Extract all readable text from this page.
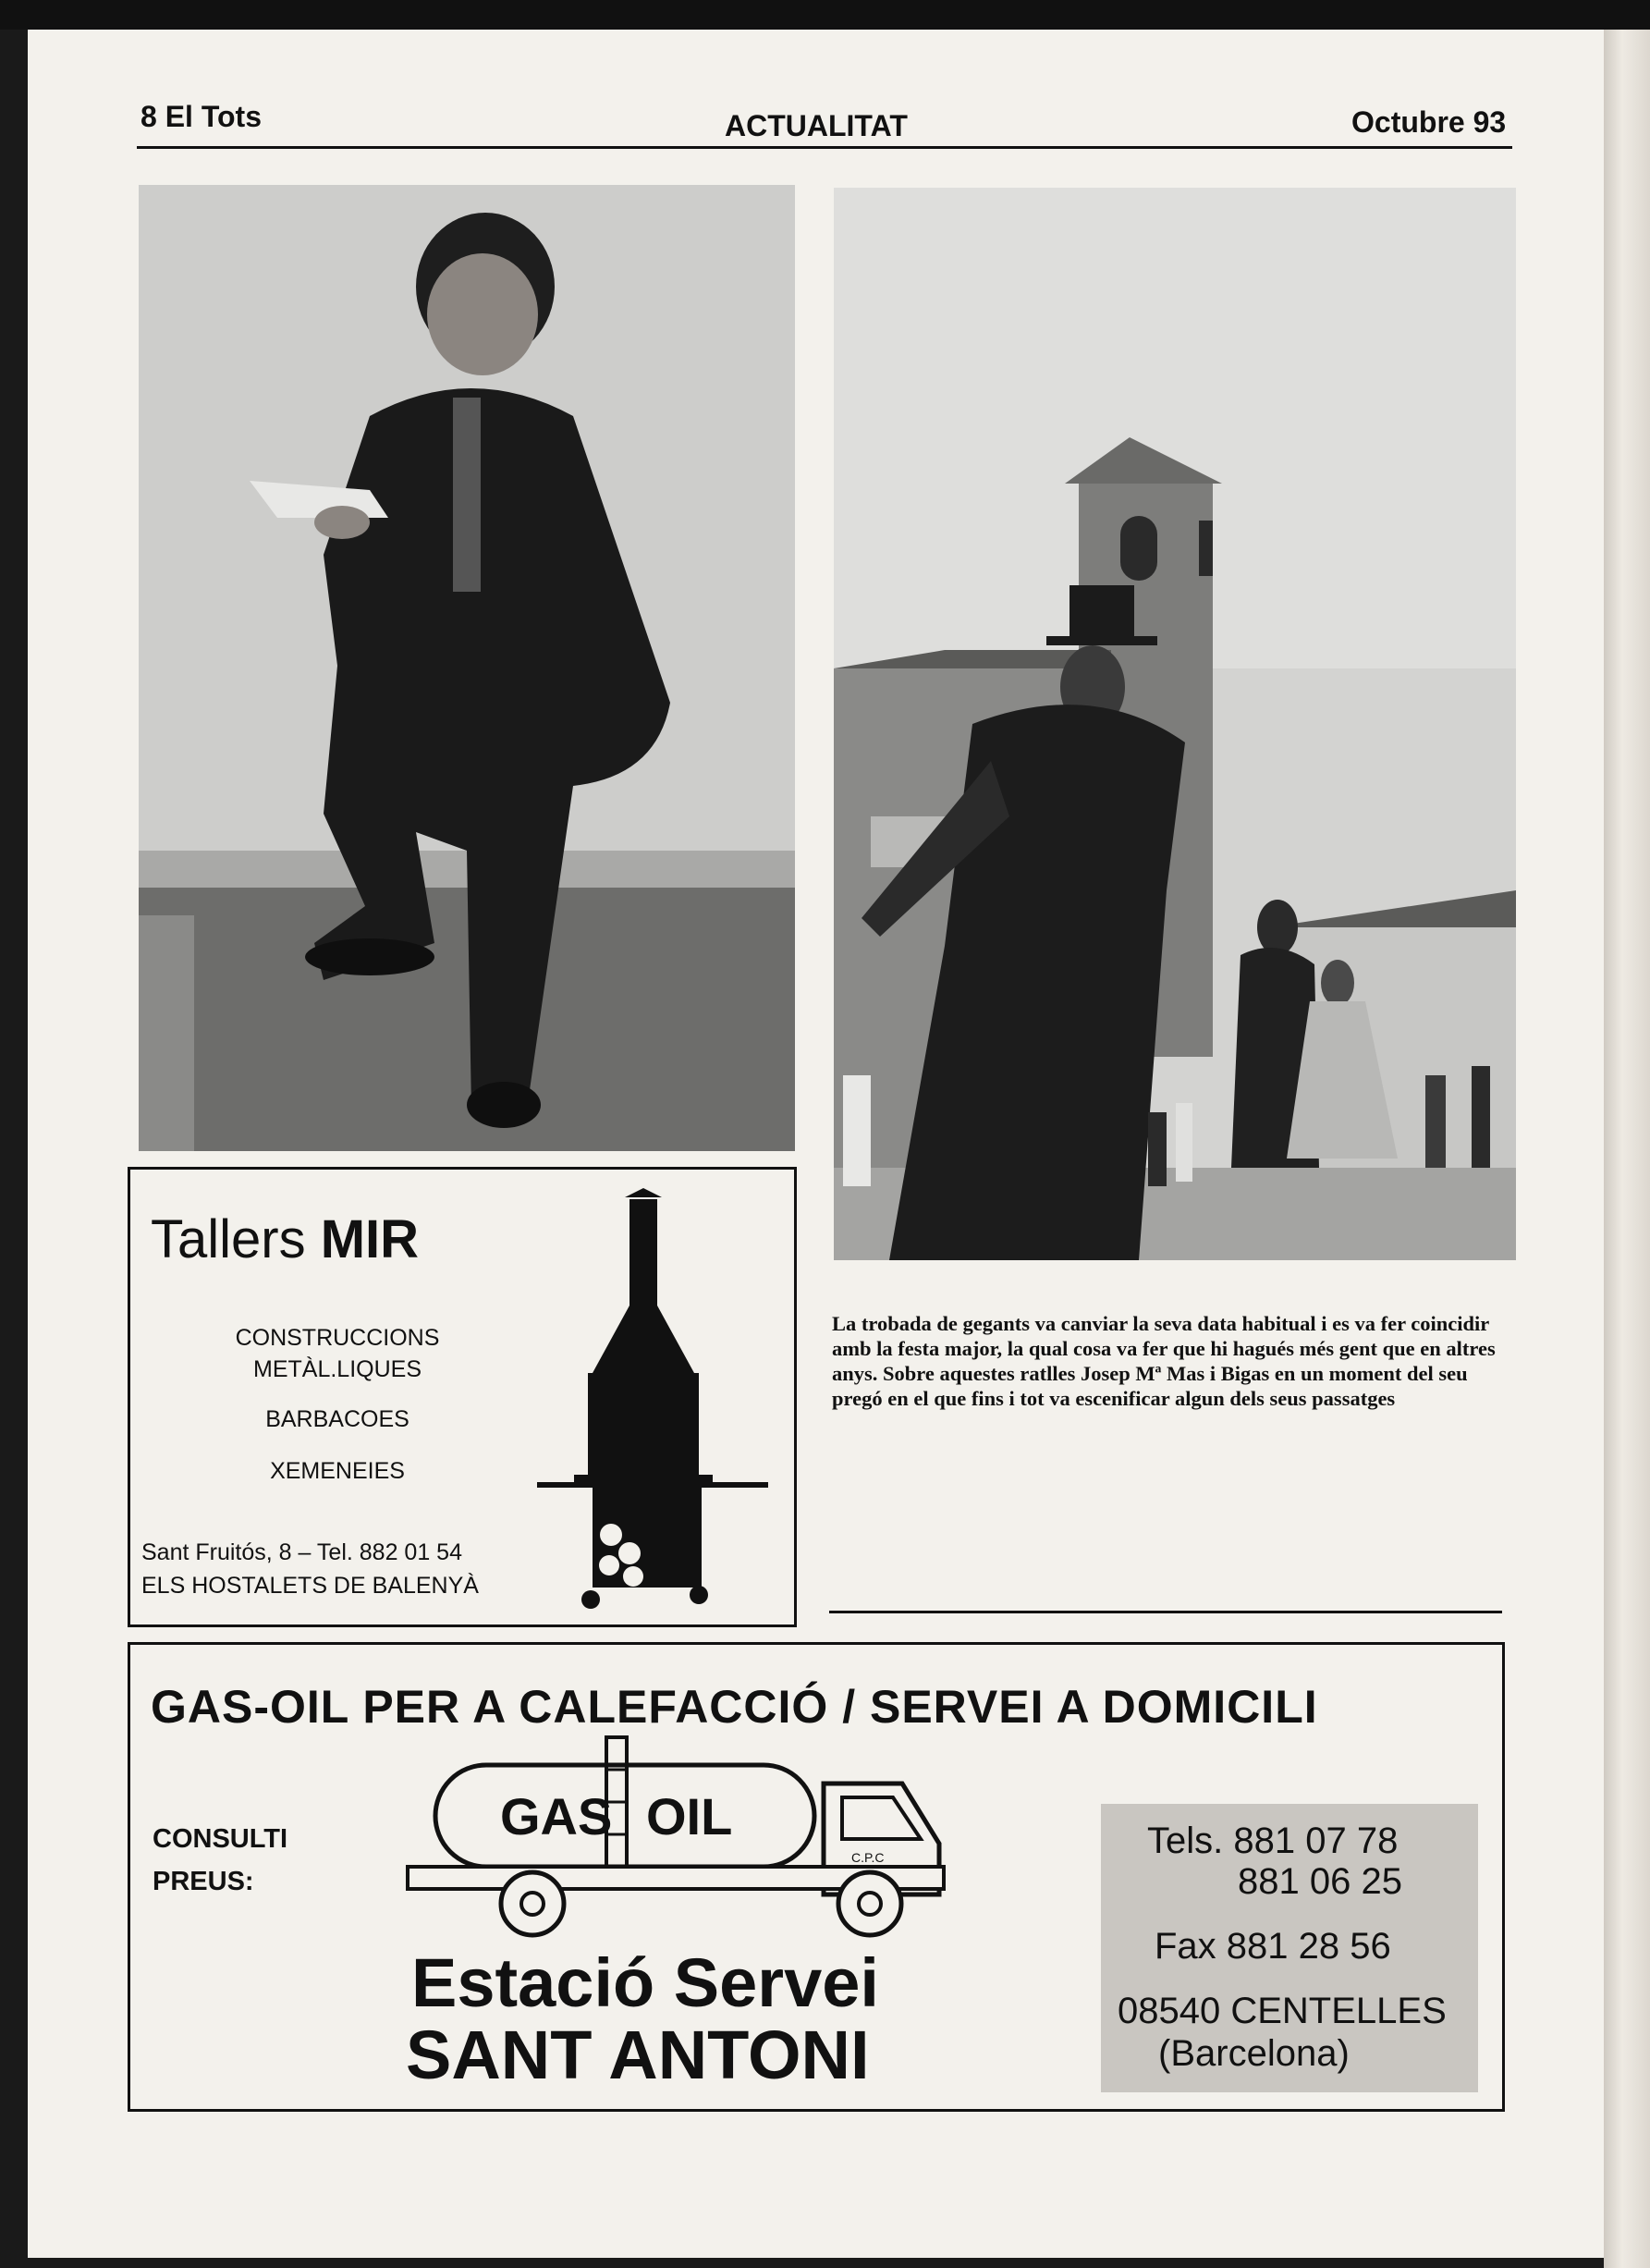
8 El Tots	ACTUALITAT	Octubre 93
La trobada de gegants va canviar la seva data habitual i es va fer coincidir amb la festa major, la qual cosa va fer que hi hagués més gent que en altres anys. Sobre aquestes ratlles Josep Mª Mas i Bigas en un moment del seu pregó en el que fins i tot va escenificar algun dels seus passatges
Tallers MIR
CONSTRUCCIONS
METÀL.LIQUES
BARBACOES
XEMENEIES
Sant Fruitós, 8 – Tel. 882 01 54
ELS HOSTALETS DE BALENYÀ
GAS-OIL PER A CALEFACCIÓ / SERVEI A DOMICILI
CONSULTI
PREUS:
GAS OIL
C.P.C
Estació Servei
SANT ANTONI
Tels. 881 07 78
881 06 25
Fax 881 28 56
08540 CENTELLES
(Barcelona)
